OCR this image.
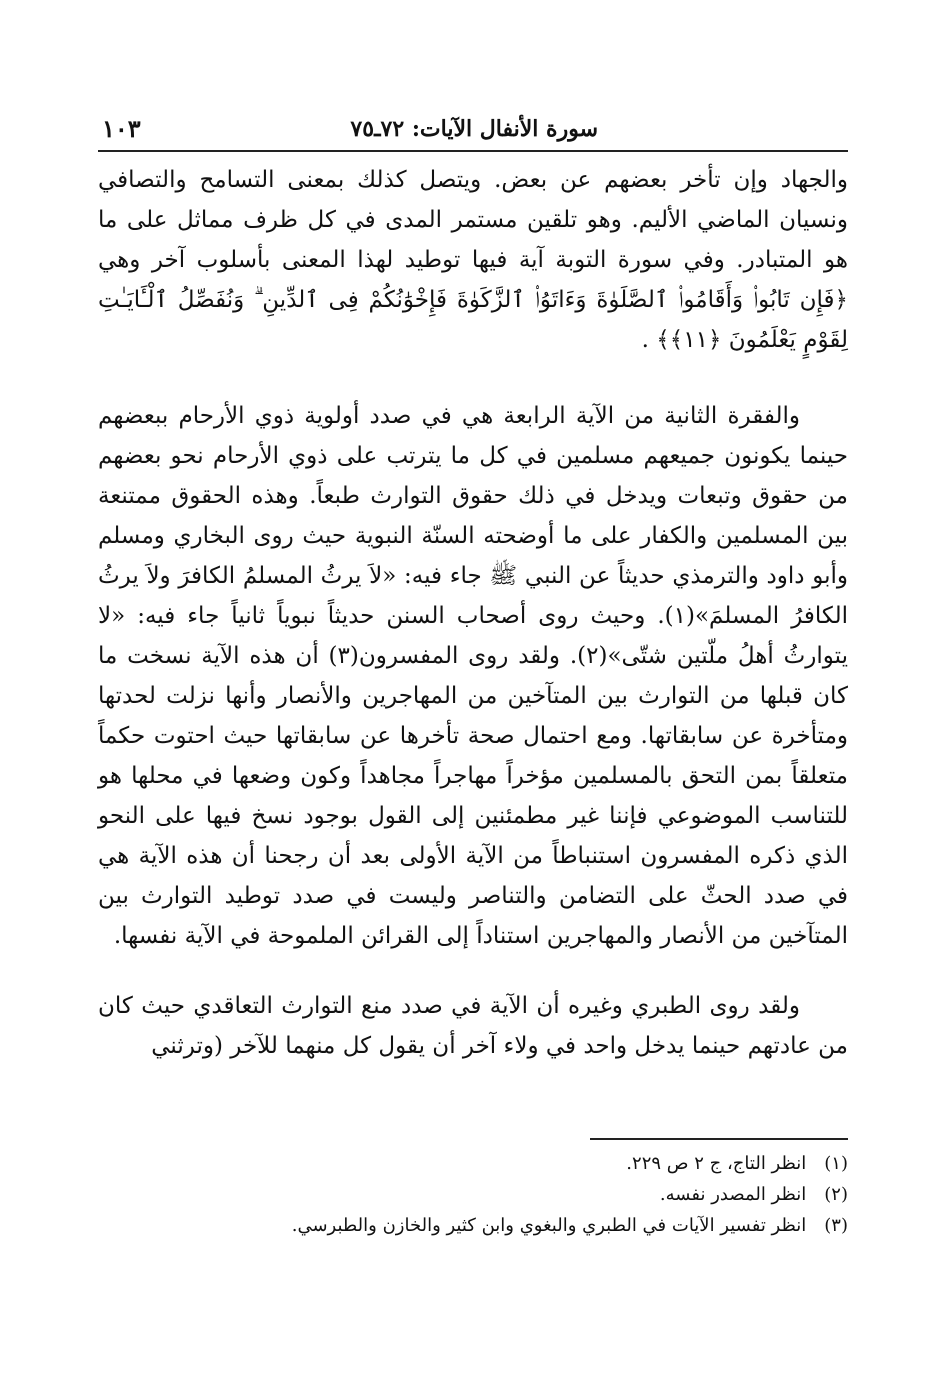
سورة الأنفال الآيات: ٧٢ـ٧٥
١٠٣

والجهاد وإن تأخر بعضهم عن بعض. ويتصل كذلك بمعنى التسامح والتصافي ونسيان الماضي الأليم. وهو تلقين مستمر المدى في كل ظرف مماثل على ما هو المتبادر. وفي سورة التوبة آية فيها توطيد لهذا المعنى بأسلوب آخر وهي ﴿فَإِن تَابُوا۟ وَأَقَامُوا۟ ٱلصَّلَوٰةَ وَءَاتَوُا۟ ٱلزَّكَوٰةَ فَإِخْوَٰنُكُمْ فِى ٱلدِّينِ ۗ وَنُفَصِّلُ ٱلْـَٔايَـٰتِ لِقَوْمٍ يَعْلَمُونَ ﴿١١﴾﴾ .

والفقرة الثانية من الآية الرابعة هي في صدد أولوية ذوي الأرحام ببعضهم حينما يكونون جميعهم مسلمين في كل ما يترتب على ذوي الأرحام نحو بعضهم من حقوق وتبعات ويدخل في ذلك حقوق التوارث طبعاً. وهذه الحقوق ممتنعة بين المسلمين والكفار على ما أوضحته السنّة النبوية حيث روى البخاري ومسلم وأبو داود والترمذي حديثاً عن النبي ﷺ جاء فيه: «لاَ يرثُ المسلمُ الكافرَ ولاَ يرثُ الكافرُ المسلمَ»(١). وحيث روى أصحاب السنن حديثاً نبوياً ثانياً جاء فيه: «لا يتوارثُ أهلُ ملّتين شتّى»(٢). ولقد روى المفسرون(٣) أن هذه الآية نسخت ما كان قبلها من التوارث بين المتآخين من المهاجرين والأنصار وأنها نزلت لحدتها ومتأخرة عن سابقاتها. ومع احتمال صحة تأخرها عن سابقاتها حيث احتوت حكماً متعلقاً بمن التحق بالمسلمين مؤخراً مهاجراً مجاهداً وكون وضعها في محلها هو للتناسب الموضوعي فإننا غير مطمئنين إلى القول بوجود نسخ فيها على النحو الذي ذكره المفسرون استنباطاً من الآية الأولى بعد أن رجحنا أن هذه الآية هي في صدد الحثّ على التضامن والتناصر وليست في صدد توطيد التوارث بين المتآخين من الأنصار والمهاجرين استناداً إلى القرائن الملموحة في الآية نفسها.

ولقد روى الطبري وغيره أن الآية في صدد منع التوارث التعاقدي حيث كان من عادتهم حينما يدخل واحد في ولاء آخر أن يقول كل منهما للآخر (وترثني

(١) انظر التاج، ج ٢ ص ٢٢٩.

(٢) انظر المصدر نفسه.

(٣) انظر تفسير الآيات في الطبري والبغوي وابن كثير والخازن والطبرسي.
